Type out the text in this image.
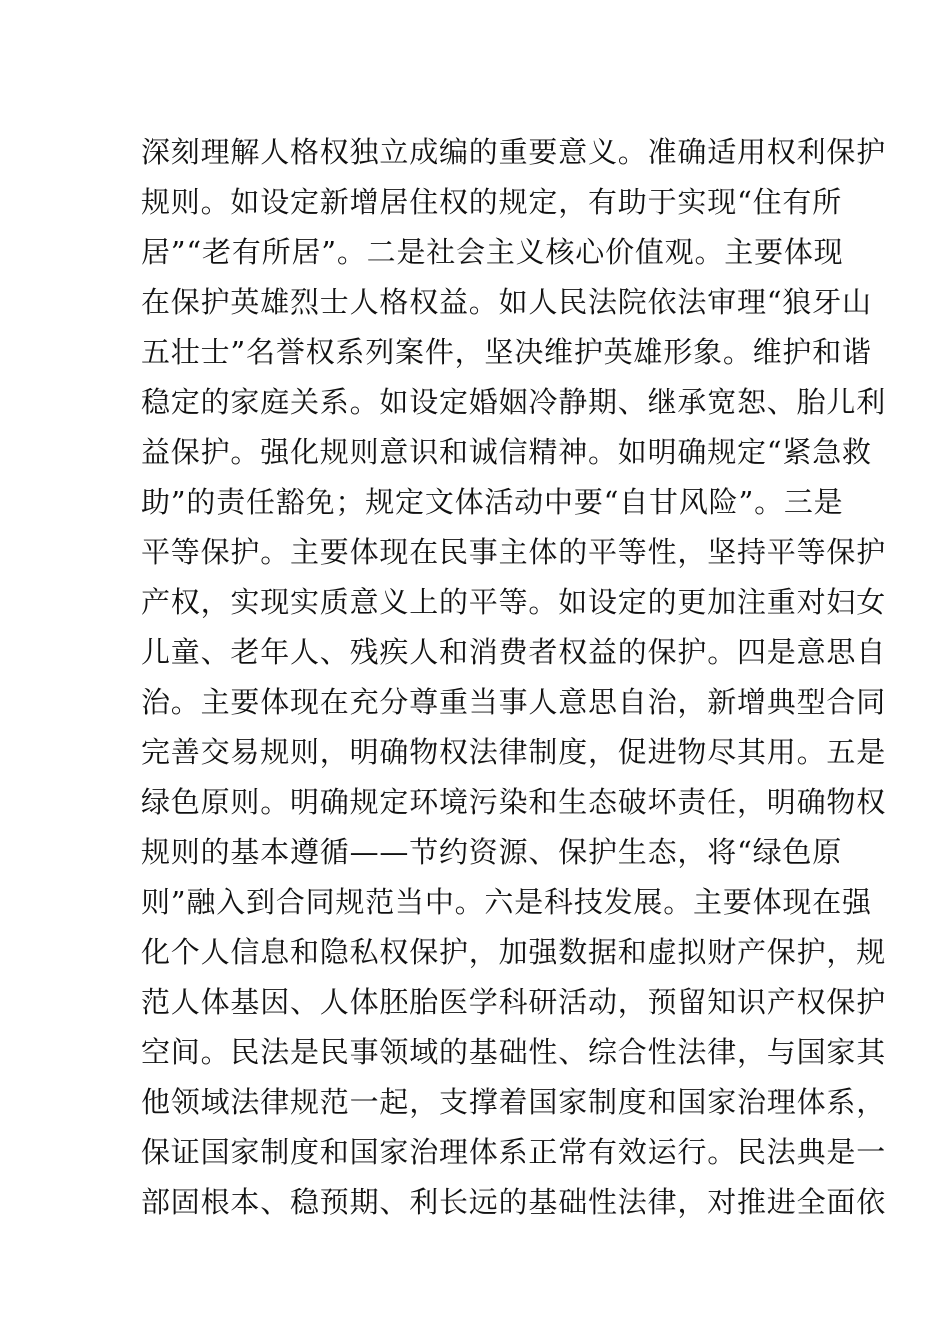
深刻理解人格权独立成编的重要意义。准确适用权利保护
规则。如设定新增居住权的规定，有助于实现“住有所
居”“老有所居”。二是社会主义核心价值观。主要体现
在保护英雄烈士人格权益。如人民法院依法审理“狼牙山
五壮士”名誉权系列案件，坚决维护英雄形象。维护和谐
稳定的家庭关系。如设定婚姻冷静期、继承宽恕、胎儿利
益保护。强化规则意识和诚信精神。如明确规定“紧急救
助”的责任豁免；规定文体活动中要“自甘风险”。三是
平等保护。主要体现在民事主体的平等性，坚持平等保护
产权，实现实质意义上的平等。如设定的更加注重对妇女
儿童、老年人、残疾人和消费者权益的保护。四是意思自
治。主要体现在充分尊重当事人意思自治，新增典型合同
完善交易规则，明确物权法律制度，促进物尽其用。五是
绿色原则。明确规定环境污染和生态破坏责任，明确物权
规则的基本遵循——节约资源、保护生态，将“绿色原
则”融入到合同规范当中。六是科技发展。主要体现在强
化个人信息和隐私权保护，加强数据和虚拟财产保护，规
范人体基因、人体胚胎医学科研活动，预留知识产权保护
空间。民法是民事领域的基础性、综合性法律，与国家其
他领域法律规范一起，支撑着国家制度和国家治理体系，
保证国家制度和国家治理体系正常有效运行。民法典是一
部固根本、稳预期、利长远的基础性法律，对推进全面依
